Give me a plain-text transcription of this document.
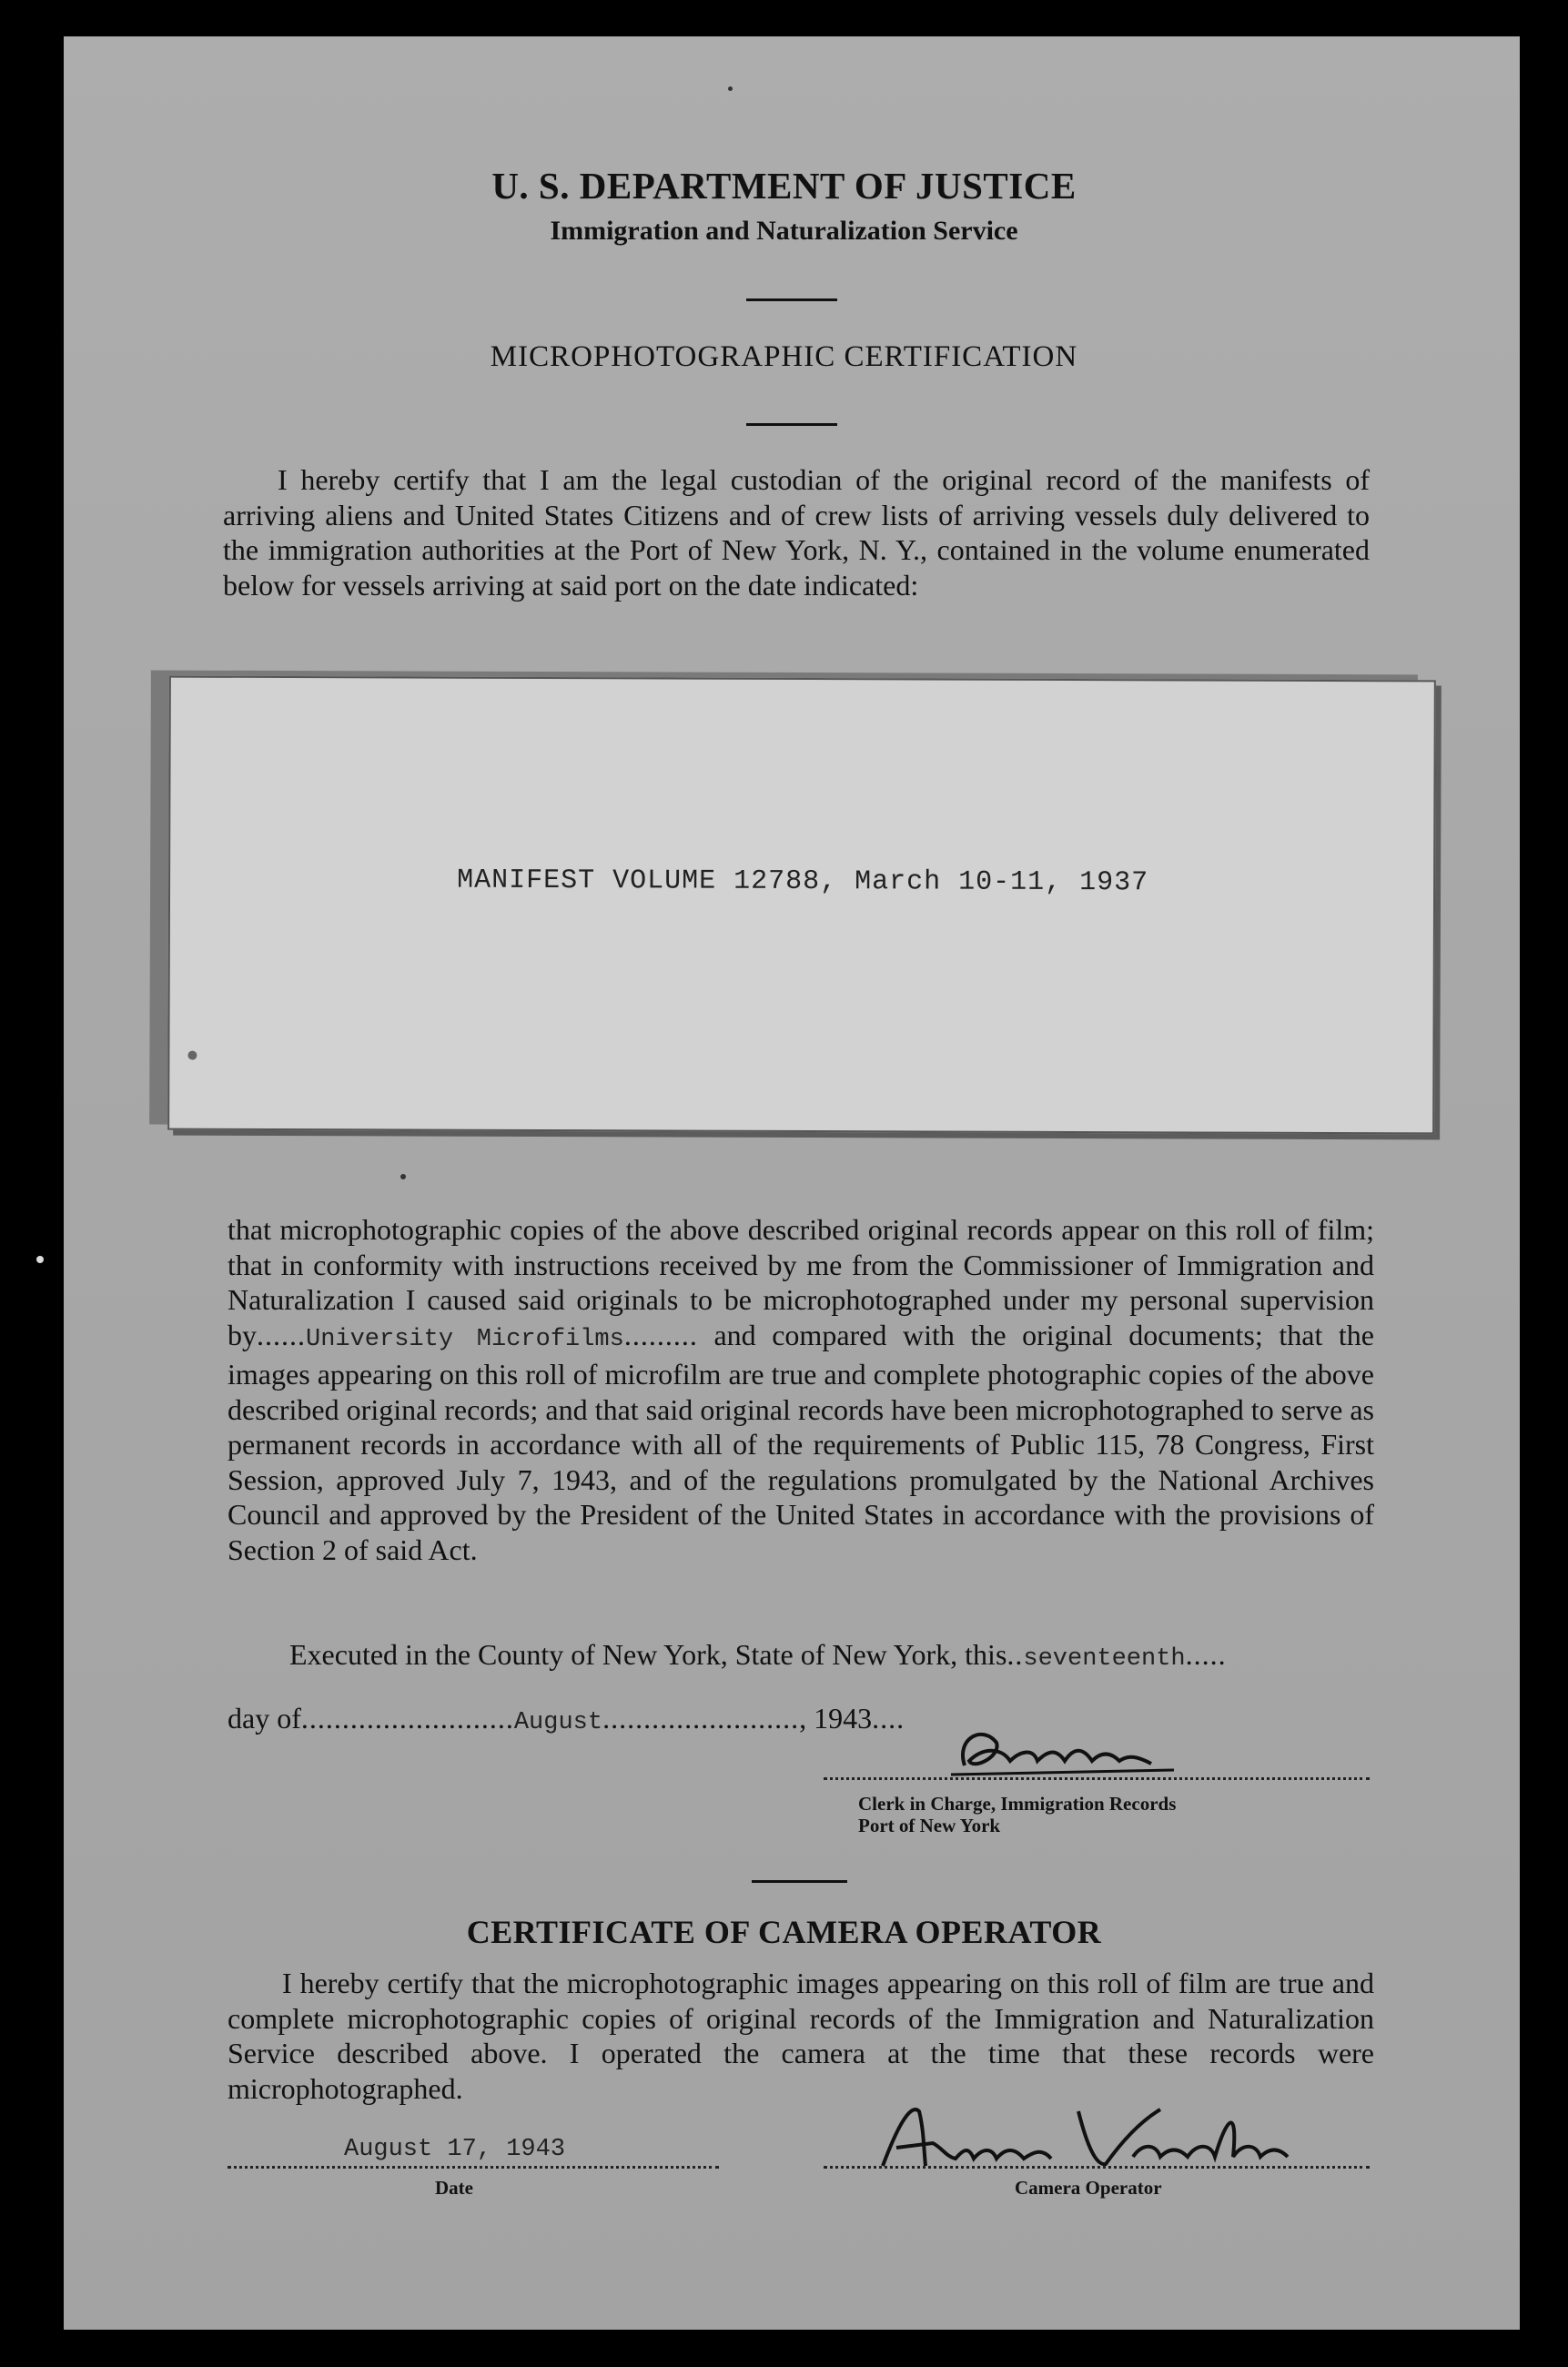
U. S. DEPARTMENT OF JUSTICE
Immigration and Naturalization Service
MICROPHOTOGRAPHIC CERTIFICATION
I hereby certify that I am the legal custodian of the original record of the manifests of arriving aliens and United States Citizens and of crew lists of arriving vessels duly delivered to the immigration authorities at the Port of New York, N. Y., contained in the volume enumerated below for vessels arriving at said port on the date indicated:
MANIFEST VOLUME 12788, March 10-11, 1937
that microphotographic copies of the above described original records appear on this roll of film; that in conformity with instructions received by me from the Commissioner of Immigration and Naturalization I caused said originals to be microphotographed under my personal supervision by......University Microfilms......... and compared with the original documents; that the images appearing on this roll of microfilm are true and complete photographic copies of the above described original records; and that said original records have been microphotographed to serve as permanent records in accordance with all of the requirements of Public 115, 78 Congress, First Session, approved July 7, 1943, and of the regulations promulgated by the National Archives Council and approved by the President of the United States in accordance with the provisions of Section 2 of said Act.
Executed in the County of New York, State of New York, this..seventeenth.....
day of..........................August........................, 1943....
Clerk in Charge, Immigration Records
Port of New York
CERTIFICATE OF CAMERA OPERATOR
I hereby certify that the microphotographic images appearing on this roll of film are true and complete microphotographic copies of original records of the Immigration and Naturalization Service described above. I operated the camera at the time that these records were microphotographed.
August 17, 1943
Date	Camera Operator
